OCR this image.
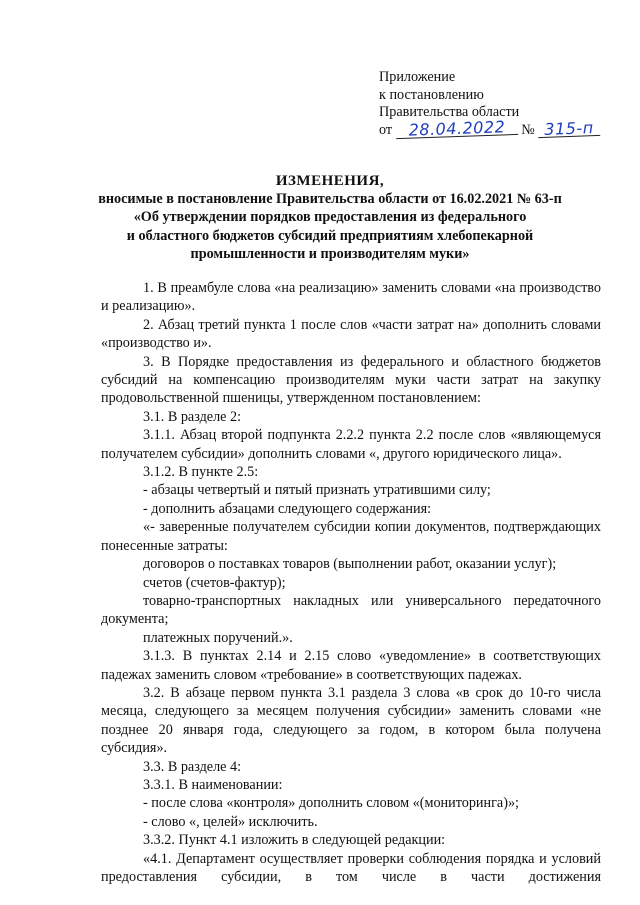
Приложение
к постановлению
Правительства области
от 28.04.2022 № 315-п
ИЗМЕНЕНИЯ,
вносимые в постановление Правительства области от 16.02.2021 № 63-п
«Об утверждении порядков предоставления из федерального
и областного бюджетов субсидий предприятиям хлебопекарной
промышленности и производителям муки»

1. В преамбуле слова «на реализацию» заменить словами «на производство и реализацию».

2. Абзац третий пункта 1 после слов «части затрат на» дополнить словами «производство и».

3. В Порядке предоставления из федерального и областного бюджетов субсидий на компенсацию производителям муки части затрат на закупку продовольственной пшеницы, утвержденном постановлением:

3.1. В разделе 2:

3.1.1. Абзац второй подпункта 2.2.2 пункта 2.2 после слов «являющемуся получателем субсидии» дополнить словами «, другого юридического лица».

3.1.2. В пункте 2.5:

- абзацы четвертый и пятый признать утратившими силу;

- дополнить абзацами следующего содержания:

«- заверенные получателем субсидии копии документов, подтверждающих понесенные затраты:

договоров о поставках товаров (выполнении работ, оказании услуг);

счетов (счетов-фактур);

товарно-транспортных накладных или универсального передаточного документа;

платежных поручений.».

3.1.3. В пунктах 2.14 и 2.15 слово «уведомление» в соответствующих падежах заменить словом «требование» в соответствующих падежах.

3.2. В абзаце первом пункта 3.1 раздела 3 слова «в срок до 10-го числа месяца, следующего за месяцем получения субсидии» заменить словами «не позднее 20 января года, следующего за годом, в котором была получена субсидия».

3.3. В разделе 4:

3.3.1. В наименовании:

- после слова «контроля» дополнить словом «(мониторинга)»;

- слово «, целей» исключить.

3.3.2. Пункт 4.1 изложить в следующей редакции:

«4.1. Департамент осуществляет проверки соблюдения порядка и условий предоставления субсидии, в том числе в части достижения
